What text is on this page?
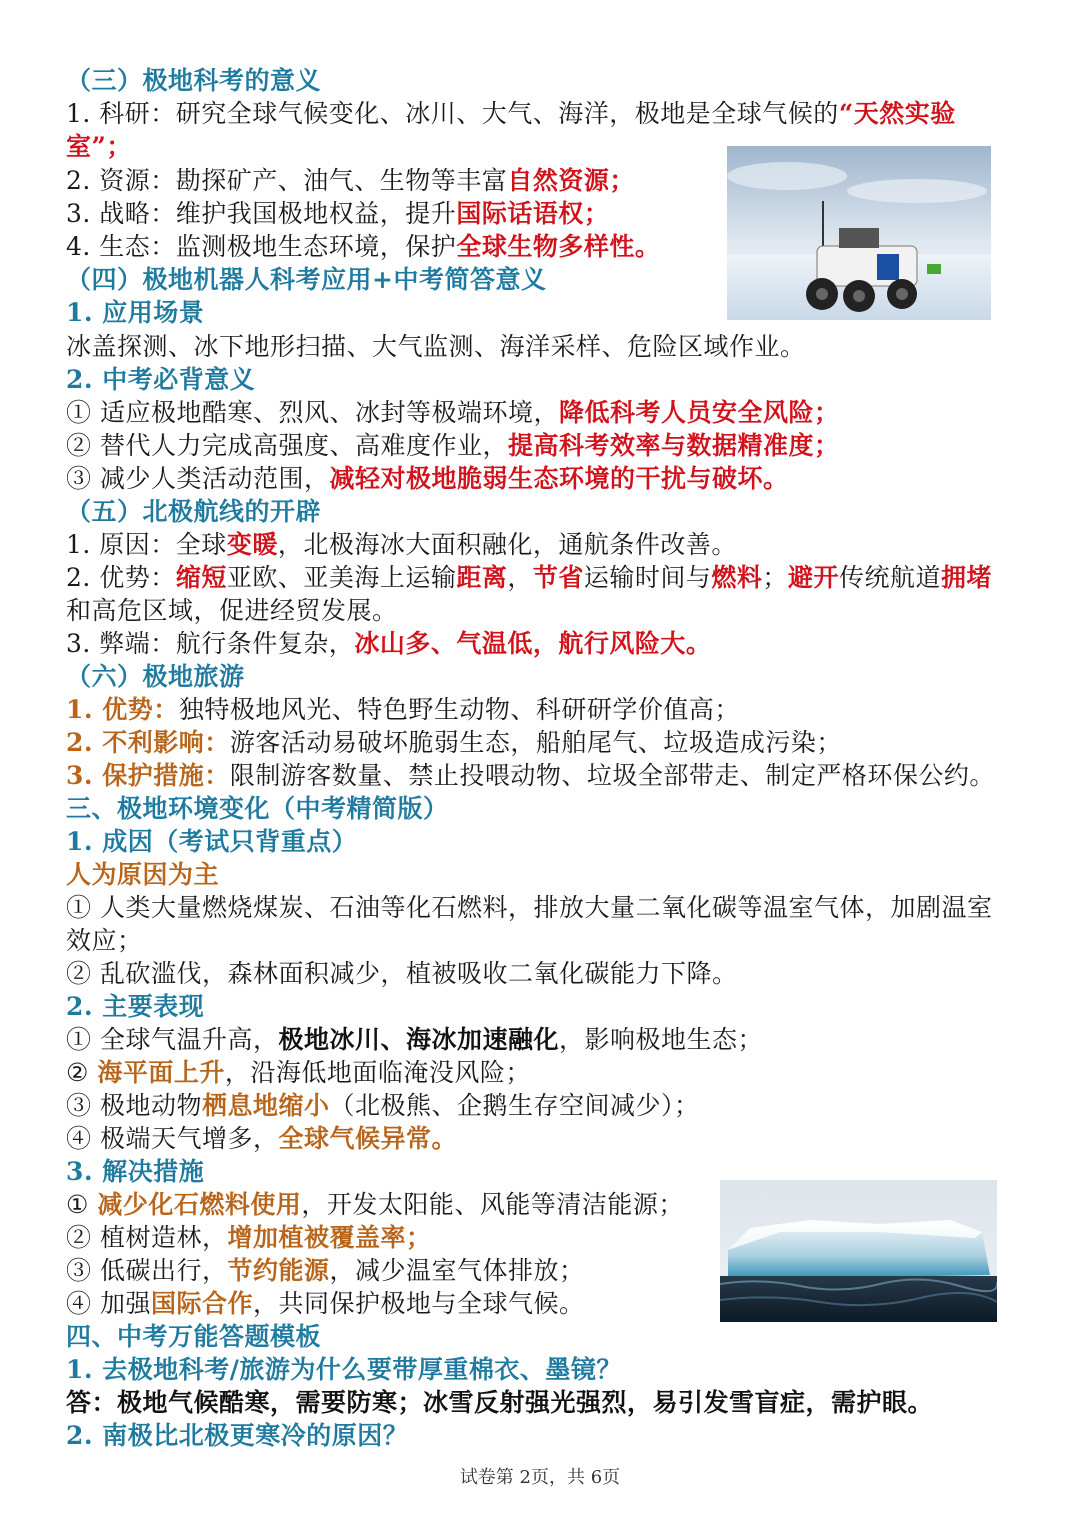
（三）极地科考的意义
1. 科研：研究全球气候变化、冰川、大气、海洋，极地是全球气候的“天然实验
室”；
2. 资源：勘探矿产、油气、生物等丰富自然资源；
3. 战略：维护我国极地权益，提升国际话语权；
4. 生态：监测极地生态环境，保护全球生物多样性。
（四）极地机器人科考应用+中考简答意义
1. 应用场景
冰盖探测、冰下地形扫描、大气监测、海洋采样、危险区域作业。
2. 中考必背意义
① 适应极地酷寒、烈风、冰封等极端环境，降低科考人员安全风险；
② 替代人力完成高强度、高难度作业，提高科考效率与数据精准度；
③ 减少人类活动范围，减轻对极地脆弱生态环境的干扰与破坏。
（五）北极航线的开辟
1. 原因：全球变暖，北极海冰大面积融化，通航条件改善。
2. 优势：缩短亚欧、亚美海上运输距离，节省运输时间与燃料；避开传统航道拥堵
和高危区域，促进经贸发展。
3. 弊端：航行条件复杂，冰山多、气温低，航行风险大。
（六）极地旅游
1. 优势：独特极地风光、特色野生动物、科研研学价值高；
2. 不利影响：游客活动易破坏脆弱生态，船舶尾气、垃圾造成污染；
3. 保护措施：限制游客数量、禁止投喂动物、垃圾全部带走、制定严格环保公约。
三、极地环境变化（中考精简版）
1. 成因（考试只背重点）
人为原因为主
① 人类大量燃烧煤炭、石油等化石燃料，排放大量二氧化碳等温室气体，加剧温室效应；
② 乱砍滥伐，森林面积减少，植被吸收二氧化碳能力下降。
2. 主要表现
① 全球气温升高，极地冰川、海冰加速融化，影响极地生态；
② 海平面上升，沿海低地面临淹没风险；
③ 极地动物栖息地缩小（北极熊、企鹅生存空间减少）；
④ 极端天气增多，全球气候异常。
3. 解决措施
① 减少化石燃料使用，开发太阳能、风能等清洁能源；
② 植树造林，增加植被覆盖率；
③ 低碳出行，节约能源，减少温室气体排放；
④ 加强国际合作，共同保护极地与全球气候。
四、中考万能答题模板
1. 去极地科考/旅游为什么要带厚重棉衣、墨镜？
答：极地气候酷寒，需要防寒；冰雪反射强光强烈，易引发雪盲症，需护眼。
2. 南极比北极更寒冷的原因？
试卷第 2页，共 6页
